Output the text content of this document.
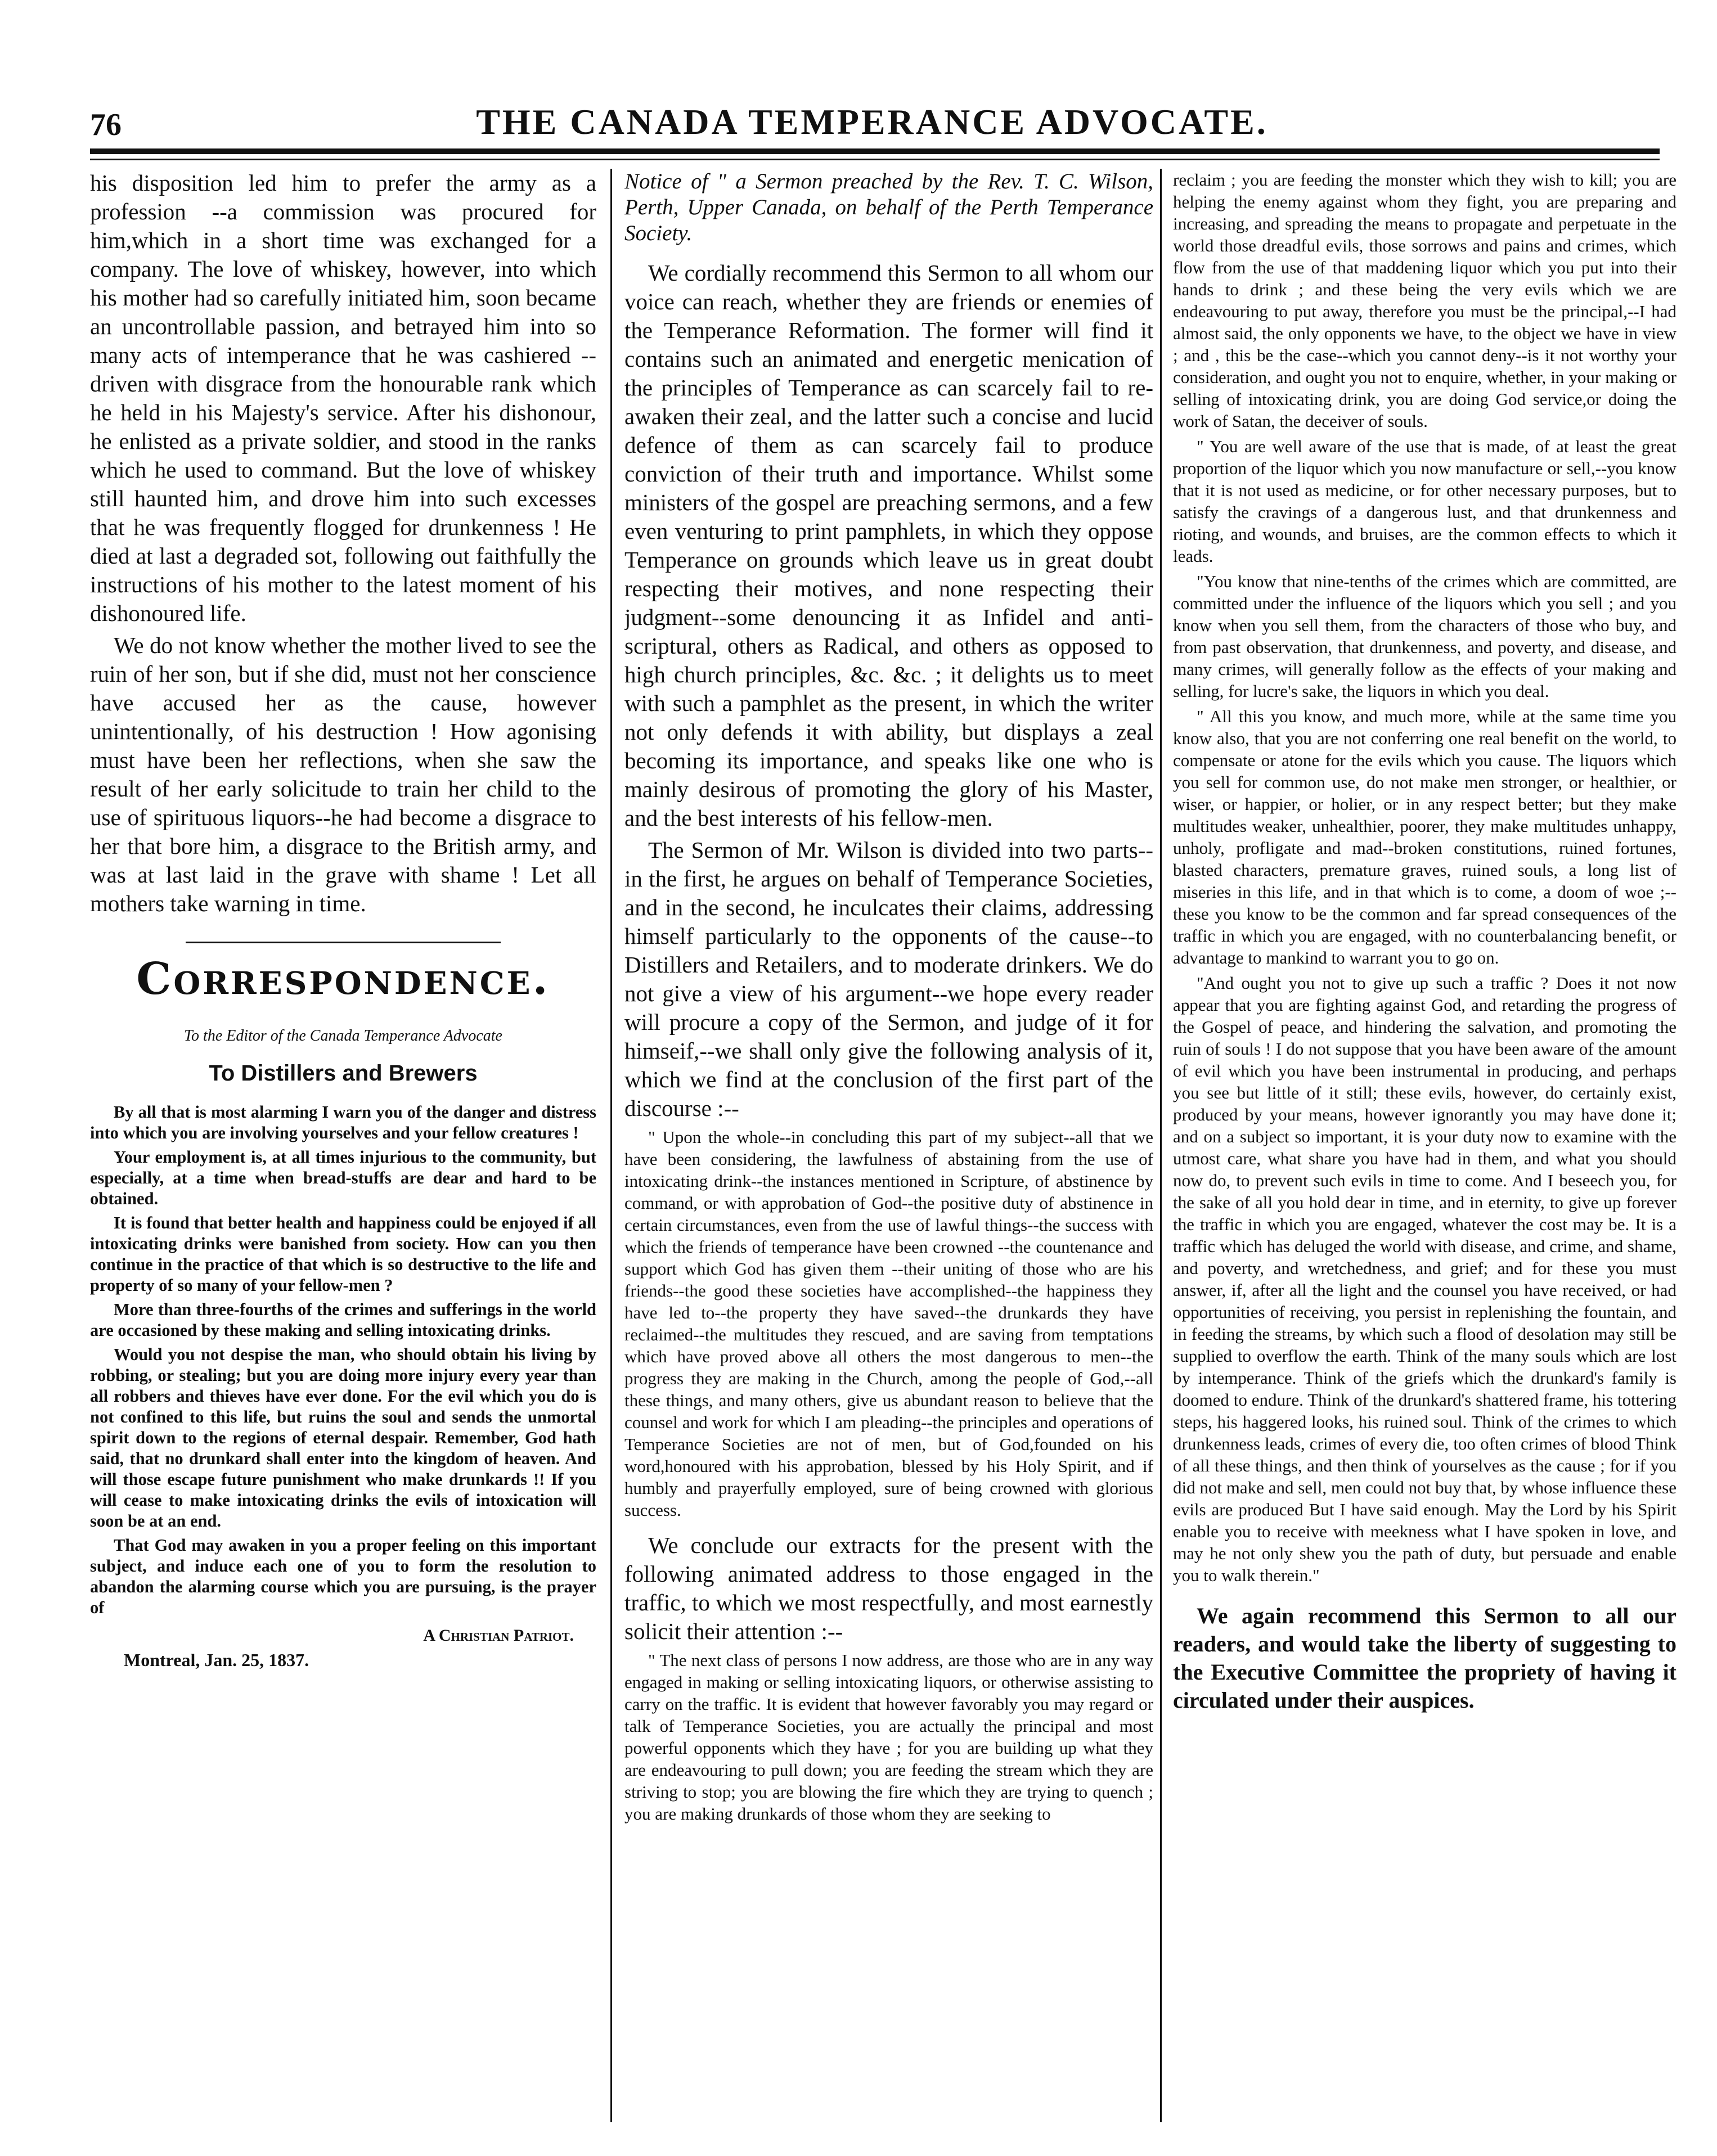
76	THE CANADA TEMPERANCE ADVOCATE.

his disposition led him to prefer the army as a profession --a commission was procured for him,which in a short time was exchanged for a company. The love of whiskey, however, into which his mother had so carefully initiated him, soon became an uncontrollable passion, and betrayed him into so many acts of intemperance that he was cashiered --driven with disgrace from the honourable rank which he held in his Majesty's service. After his dishonour, he enlisted as a private soldier, and stood in the ranks which he used to command. But the love of whiskey still haunted him, and drove him into such excesses that he was frequently flogged for drunkenness ! He died at last a degraded sot, following out faithfully the instructions of his mother to the latest moment of his dishonoured life.

We do not know whether the mother lived to see the ruin of her son, but if she did, must not her conscience have accused her as the cause, however unintentionally, of his destruction ! How agonising must have been her reflections, when she saw the result of her early solicitude to train her child to the use of spirituous liquors--he had become a disgrace to her that bore him, a disgrace to the British army, and was at last laid in the grave with shame ! Let all mothers take warning in time.

Correspondence.
To the Editor of the Canada Temperance Advocate
To Distillers and Brewers

By all that is most alarming I warn you of the danger and distress into which you are involving yourselves and your fellow creatures !

Your employment is, at all times injurious to the community, but especially, at a time when bread-stuffs are dear and hard to be obtained.

It is found that better health and happiness could be enjoyed if all intoxicating drinks were banished from society. How can you then continue in the practice of that which is so destructive to the life and property of so many of your fellow-men ?

More than three-fourths of the crimes and sufferings in the world are occasioned by these making and selling intoxicating drinks.

Would you not despise the man, who should obtain his living by robbing, or stealing; but you are doing more injury every year than all robbers and thieves have ever done. For the evil which you do is not confined to this life, but ruins the soul and sends the unmortal spirit down to the regions of eternal despair. Remember, God hath said, that no drunkard shall enter into the kingdom of heaven. And will those escape future punishment who make drunkards !! If you will cease to make intoxicating drinks the evils of intoxication will soon be at an end.

That God may awaken in you a proper feeling on this important subject, and induce each one of you to form the resolution to abandon the alarming course which you are pursuing, is the prayer of

A Christian Patriot.
Montreal, Jan. 25, 1837.

Notice of " a Sermon preached by the Rev. T. C. Wilson, Perth, Upper Canada, on behalf of the Perth Temperance Society.

We cordially recommend this Sermon to all whom our voice can reach, whether they are friends or enemies of the Temperance Reformation. The former will find it contains such an animated and energetic menication of the principles of Temperance as can scarcely fail to re-awaken their zeal, and the latter such a concise and lucid defence of them as can scarcely fail to produce conviction of their truth and importance. Whilst some ministers of the gospel are preaching sermons, and a few even venturing to print pamphlets, in which they oppose Temperance on grounds which leave us in great doubt respecting their motives, and none respecting their judgment--some denouncing it as Infidel and anti-scriptural, others as Radical, and others as opposed to high church principles, &c. &c. ; it delights us to meet with such a pamphlet as the present, in which the writer not only defends it with ability, but displays a zeal becoming its importance, and speaks like one who is mainly desirous of promoting the glory of his Master, and the best interests of his fellow-men.

The Sermon of Mr. Wilson is divided into two parts--in the first, he argues on behalf of Temperance Societies, and in the second, he inculcates their claims, addressing himself particularly to the opponents of the cause--to Distillers and Retailers, and to moderate drinkers. We do not give a view of his argument--we hope every reader will procure a copy of the Sermon, and judge of it for himseif,--we shall only give the following analysis of it, which we find at the conclusion of the first part of the discourse :--

" Upon the whole--in concluding this part of my subject--all that we have been considering, the lawfulness of abstaining from the use of intoxicating drink--the instances mentioned in Scripture, of abstinence by command, or with approbation of God--the positive duty of abstinence in certain circumstances, even from the use of lawful things--the success with which the friends of temperance have been crowned --the countenance and support which God has given them --their uniting of those who are his friends--the good these societies have accomplished--the happiness they have led to--the property they have saved--the drunkards they have reclaimed--the multitudes they rescued, and are saving from temptations which have proved above all others the most dangerous to men--the progress they are making in the Church, among the people of God,--all these things, and many others, give us abundant reason to believe that the counsel and work for which I am pleading--the principles and operations of Temperance Societies are not of men, but of God,founded on his word,honoured with his approbation, blessed by his Holy Spirit, and if humbly and prayerfully employed, sure of being crowned with glorious success.

We conclude our extracts for the present with the following animated address to those engaged in the traffic, to which we most respectfully, and most earnestly solicit their attention :--

" The next class of persons I now address, are those who are in any way engaged in making or selling intoxicating liquors, or otherwise assisting to carry on the traffic. It is evident that however favorably you may regard or talk of Temperance Societies, you are actually the principal and most powerful opponents which they have ; for you are building up what they are endeavouring to pull down; you are feeding the stream which they are striving to stop; you are blowing the fire which they are trying to quench ; you are making drunkards of those whom they are seeking to

reclaim ; you are feeding the monster which they wish to kill; you are helping the enemy against whom they fight, you are preparing and increasing, and spreading the means to propagate and perpetuate in the world those dreadful evils, those sorrows and pains and crimes, which flow from the use of that maddening liquor which you put into their hands to drink ; and these being the very evils which we are endeavouring to put away, therefore you must be the principal,--I had almost said, the only opponents we have, to the object we have in view ; and , this be the case--which you cannot deny--is it not worthy your consideration, and ought you not to enquire, whether, in your making or selling of intoxicating drink, you are doing God service,or doing the work of Satan, the deceiver of souls.

" You are well aware of the use that is made, of at least the great proportion of the liquor which you now manufacture or sell,--you know that it is not used as medicine, or for other necessary purposes, but to satisfy the cravings of a dangerous lust, and that drunkenness and rioting, and wounds, and bruises, are the common effects to which it leads.

"You know that nine-tenths of the crimes which are committed, are committed under the influence of the liquors which you sell ; and you know when you sell them, from the characters of those who buy, and from past observation, that drunkenness, and poverty, and disease, and many crimes, will generally follow as the effects of your making and selling, for lucre's sake, the liquors in which you deal.

" All this you know, and much more, while at the same time you know also, that you are not conferring one real benefit on the world, to compensate or atone for the evils which you cause. The liquors which you sell for common use, do not make men stronger, or healthier, or wiser, or happier, or holier, or in any respect better; but they make multitudes weaker, unhealthier, poorer, they make multitudes unhappy, unholy, profligate and mad--broken constitutions, ruined fortunes, blasted characters, premature graves, ruined souls, a long list of miseries in this life, and in that which is to come, a doom of woe ;--these you know to be the common and far spread consequences of the traffic in which you are engaged, with no counterbalancing benefit, or advantage to mankind to warrant you to go on.

"And ought you not to give up such a traffic ? Does it not now appear that you are fighting against God, and retarding the progress of the Gospel of peace, and hindering the salvation, and promoting the ruin of souls ! I do not suppose that you have been aware of the amount of evil which you have been instrumental in producing, and perhaps you see but little of it still; these evils, however, do certainly exist, produced by your means, however ignorantly you may have done it; and on a subject so important, it is your duty now to examine with the utmost care, what share you have had in them, and what you should now do, to prevent such evils in time to come. And I beseech you, for the sake of all you hold dear in time, and in eternity, to give up forever the traffic in which you are engaged, whatever the cost may be. It is a traffic which has deluged the world with disease, and crime, and shame, and poverty, and wretchedness, and grief; and for these you must answer, if, after all the light and the counsel you have received, or had opportunities of receiving, you persist in replenishing the fountain, and in feeding the streams, by which such a flood of desolation may still be supplied to overflow the earth. Think of the many souls which are lost by intemperance. Think of the griefs which the drunkard's family is doomed to endure. Think of the drunkard's shattered frame, his tottering steps, his haggered looks, his ruined soul. Think of the crimes to which drunkenness leads, crimes of every die, too often crimes of blood Think of all these things, and then think of yourselves as the cause ; for if you did not make and sell, men could not buy that, by whose influence these evils are produced But I have said enough. May the Lord by his Spirit enable you to receive with meekness what I have spoken in love, and may he not only shew you the path of duty, but persuade and enable you to walk therein."

We again recommend this Sermon to all our readers, and would take the liberty of suggesting to the Executive Committee the propriety of having it circulated under their auspices.
